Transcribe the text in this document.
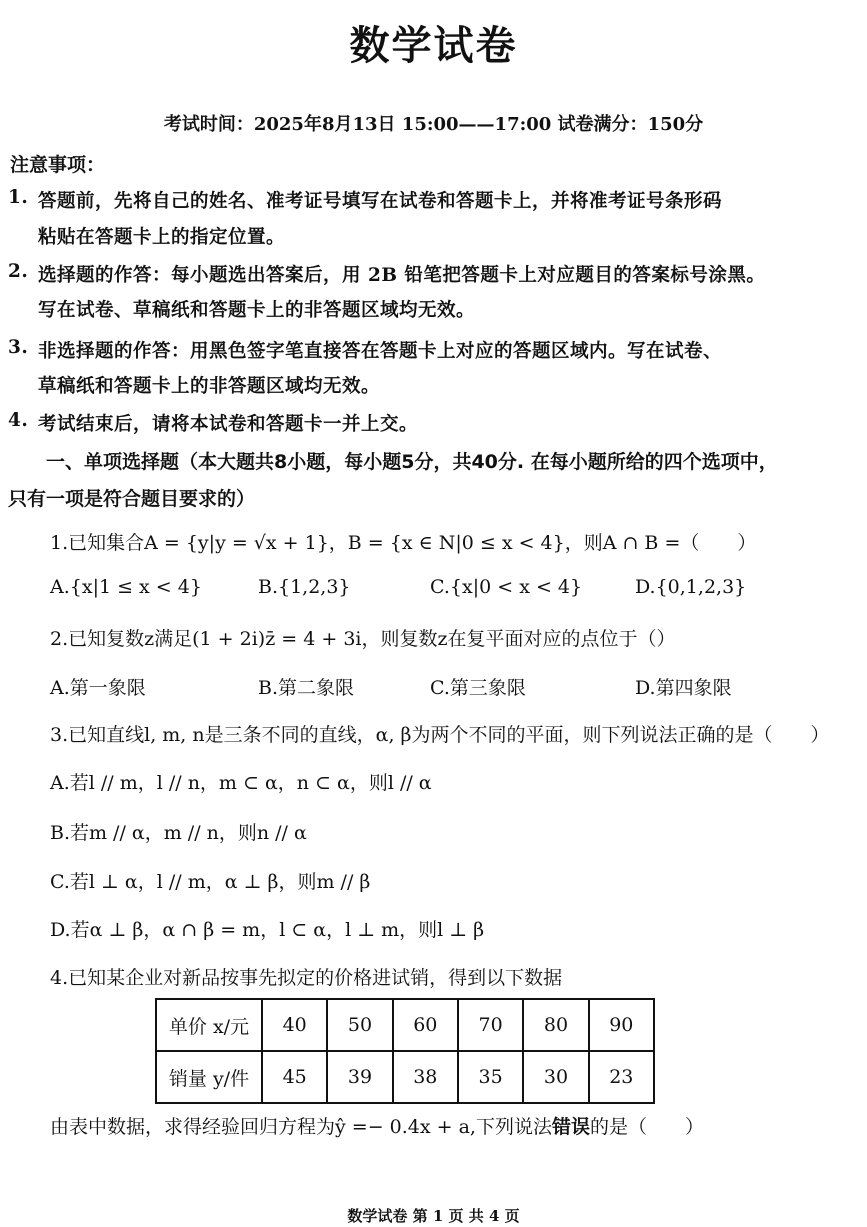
数学试卷
考试时间：2025年8月13日 15:00——17:00 试卷满分：150分
注意事项：
1. 答题前，先将自己的姓名、准考证号填写在试卷和答题卡上，并将准考证号条形码
粘贴在答题卡上的指定位置。
2. 选择题的作答：每小题选出答案后，用 2B 铅笔把答题卡上对应题目的答案标号涂黑。
写在试卷、草稿纸和答题卡上的非答题区域均无效。
3. 非选择题的作答：用黑色签字笔直接答在答题卡上对应的答题区域内。写在试卷、
草稿纸和答题卡上的非答题区域均无效。
4. 考试结束后，请将本试卷和答题卡一并上交。
一、单项选择题（本大题共8小题，每小题5分，共40分. 在每小题所给的四个选项中，
只有一项是符合题目要求的）
1.已知集合A = {y|y = √x + 1}，B = {x ∈ N|0 ≤ x < 4}，则A ∩ B =（　　）
A.{x|1 ≤ x < 4}	B.{1,2,3}	C.{x|0 < x < 4}	D.{0,1,2,3}
2.已知复数z满足(1 + 2i)z̄ = 4 + 3i，则复数z在复平面对应的点位于（）
A.第一象限	B.第二象限	C.第三象限	D.第四象限
3.已知直线l, m, n是三条不同的直线，α, β为两个不同的平面，则下列说法正确的是（　　）
A.若l // m，l // n，m ⊂ α，n ⊂ α，则l // α
B.若m // α，m // n，则n // α
C.若l ⊥ α，l // m，α ⊥ β，则m // β
D.若α ⊥ β，α ∩ β = m，l ⊂ α，l ⊥ m，则l ⊥ β
4.已知某企业对新品按事先拟定的价格进试销，得到以下数据
单价 x/元	40	50	60	70	80	90
销量 y/件	45	39	38	35	30	23
由表中数据，求得经验回归方程为ŷ =− 0.4x + a,下列说法错误的是（　　）
数学试卷 第 1 页 共 4 页
